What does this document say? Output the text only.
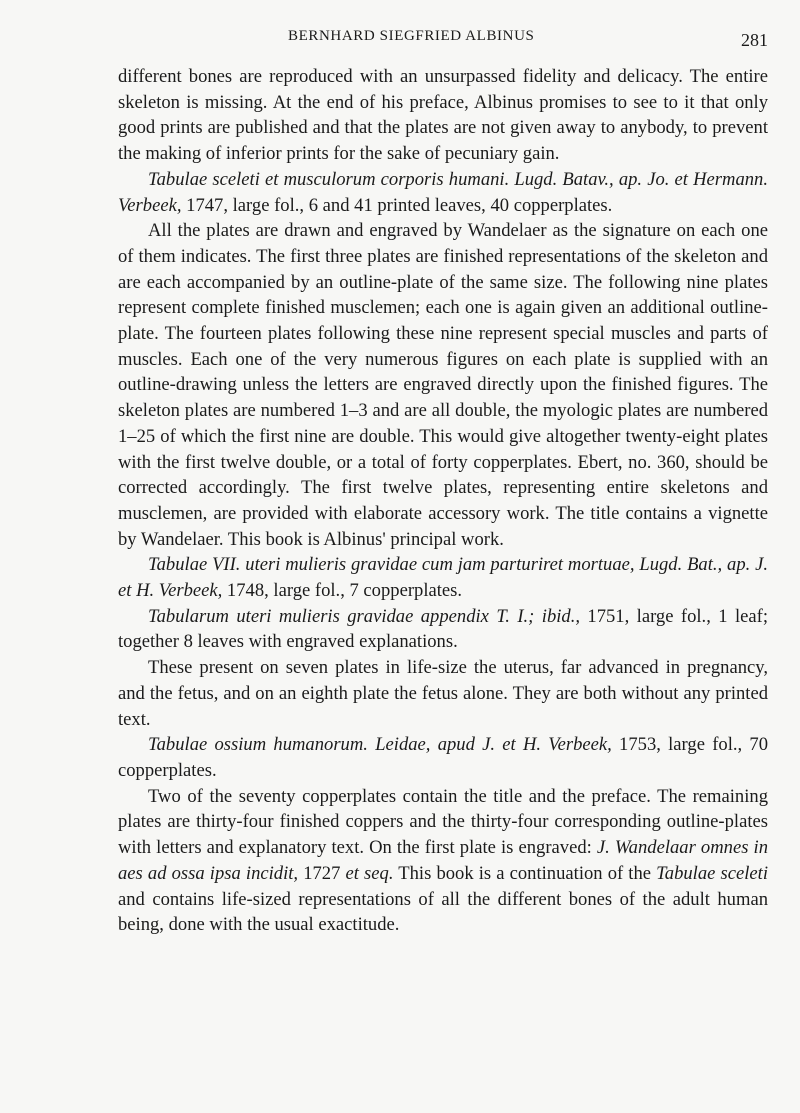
BERNHARD SIEGFRIED ALBINUS	281

different bones are reproduced with an unsurpassed fidelity and delicacy. The entire skeleton is missing. At the end of his preface, Albinus promises to see to it that only good prints are published and that the plates are not given away to anybody, to prevent the making of inferior prints for the sake of pecuniary gain.

Tabulae sceleti et musculorum corporis humani. Lugd. Batav., ap. Jo. et Hermann. Verbeek, 1747, large fol., 6 and 41 printed leaves, 40 copperplates.

All the plates are drawn and engraved by Wandelaer as the signature on each one of them indicates. The first three plates are finished representations of the skeleton and are each accompanied by an outline-plate of the same size. The following nine plates represent complete finished musclemen; each one is again given an additional outline-plate. The fourteen plates following these nine represent special muscles and parts of muscles. Each one of the very numerous figures on each plate is supplied with an outline-drawing unless the letters are engraved directly upon the finished figures. The skeleton plates are numbered 1–3 and are all double, the myologic plates are numbered 1–25 of which the first nine are double. This would give altogether twenty-eight plates with the first twelve double, or a total of forty copperplates. Ebert, no. 360, should be corrected accordingly. The first twelve plates, representing entire skeletons and musclemen, are provided with elaborate accessory work. The title contains a vignette by Wandelaer. This book is Albinus' principal work.

Tabulae VII. uteri mulieris gravidae cum jam parturiret mortuae, Lugd. Bat., ap. J. et H. Verbeek, 1748, large fol., 7 copperplates.

Tabularum uteri mulieris gravidae appendix T. I.; ibid., 1751, large fol., 1 leaf; together 8 leaves with engraved explanations.

These present on seven plates in life-size the uterus, far advanced in pregnancy, and the fetus, and on an eighth plate the fetus alone. They are both without any printed text.

Tabulae ossium humanorum. Leidae, apud J. et H. Verbeek, 1753, large fol., 70 copperplates.

Two of the seventy copperplates contain the title and the preface. The remaining plates are thirty-four finished coppers and the thirty-four corresponding outline-plates with letters and explanatory text. On the first plate is engraved: J. Wandelaar omnes in aes ad ossa ipsa incidit, 1727 et seq. This book is a continuation of the Tabulae sceleti and contains life-sized representations of all the different bones of the adult human being, done with the usual exactitude.
